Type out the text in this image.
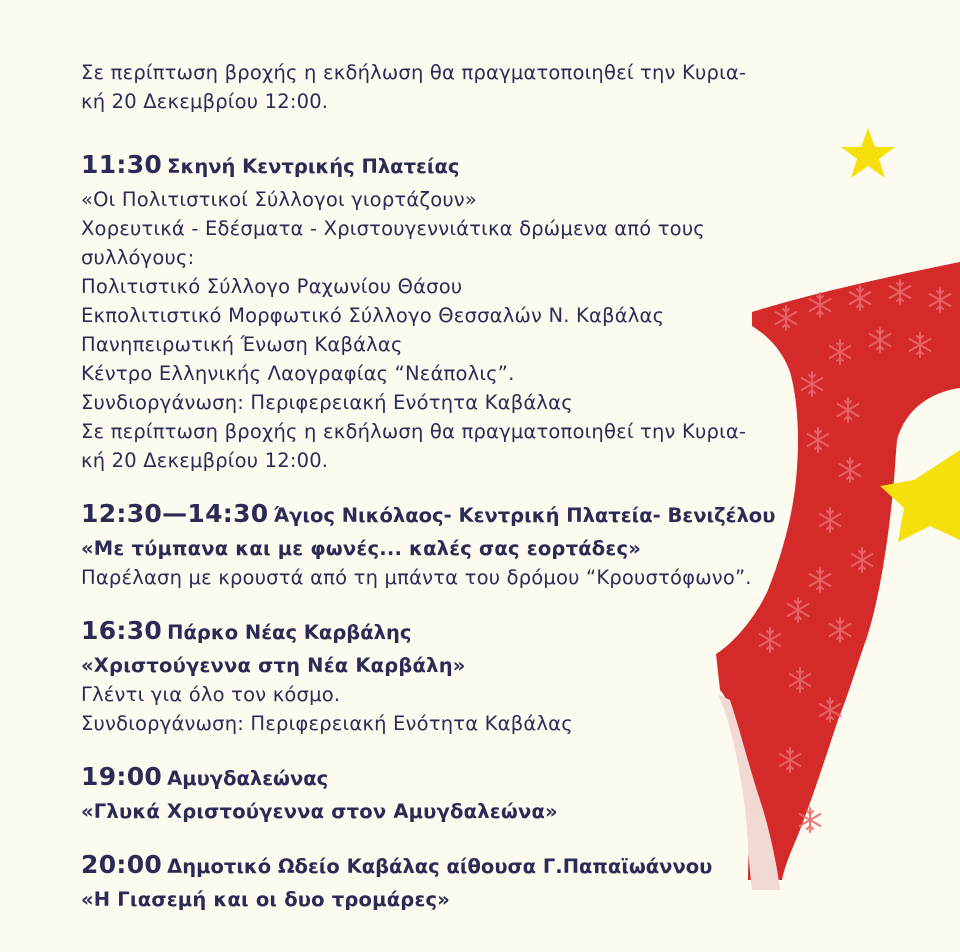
Σε περίπτωση βροχής η εκδήλωση θα πραγματοποιηθεί την Κυρια-
κή 20 Δεκεμβρίου 12:00.
11:30 Σκηνή Κεντρικής Πλατείας
«Οι Πολιτιστικοί Σύλλογοι γιορτάζουν»
Χορευτικά - Εδέσματα - Χριστουγεννιάτικα δρώμενα από τους
συλλόγους:
Πολιτιστικό Σύλλογο Ραχωνίου Θάσου
Εκπολιτιστικό Μορφωτικό Σύλλογο Θεσσαλών Ν. Καβάλας
Πανηπειρωτική Ένωση Καβάλας
Κέντρο Ελληνικής Λαογραφίας “Νεάπολις”.
Συνδιοργάνωση: Περιφερειακή Ενότητα Καβάλας
Σε περίπτωση βροχής η εκδήλωση θα πραγματοποιηθεί την Κυρια-
κή 20 Δεκεμβρίου 12:00.
12:30—14:30 Άγιος Νικόλαος- Κεντρική Πλατεία- Βενιζέλου
«Με τύμπανα και με φωνές... καλές σας εορτάδες»
Παρέλαση με κρουστά από τη μπάντα του δρόμου “Κρουστόφωνο”.
16:30 Πάρκο Νέας Καρβάλης
«Χριστούγεννα στη Νέα Καρβάλη»
Γλέντι για όλο τον κόσμο.
Συνδιοργάνωση: Περιφερειακή Ενότητα Καβάλας
19:00 Αμυγδαλεώνας
«Γλυκά Χριστούγεννα στον Αμυγδαλεώνα»
20:00 Δημοτικό Ωδείο Καβάλας αίθουσα Γ.Παπαϊωάννου
«Η Γιασεμή και οι δυο τρομάρες»
